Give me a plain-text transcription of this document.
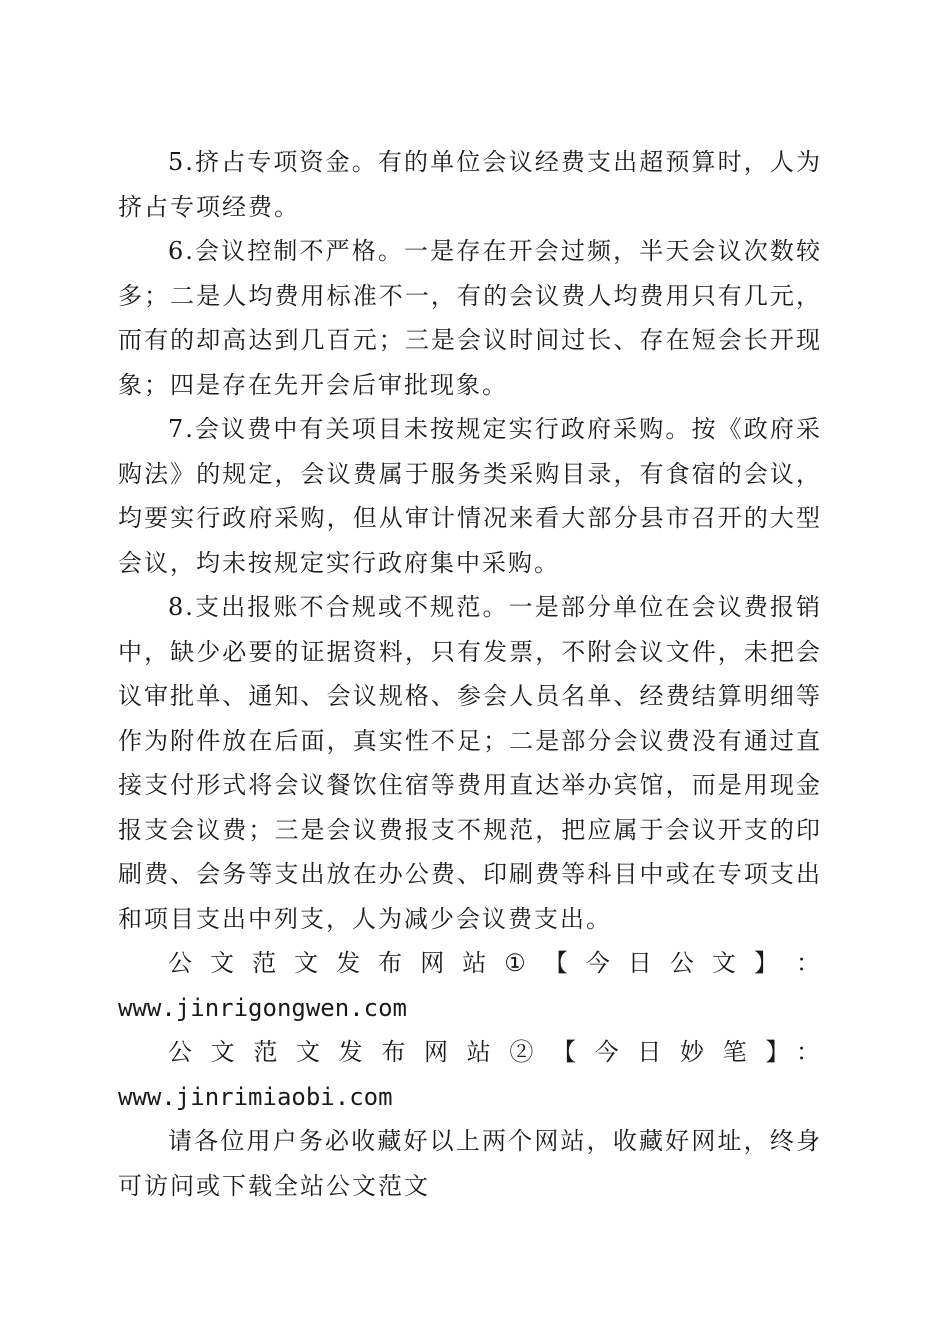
5.挤占专项资金。有的单位会议经费支出超预算时，人为挤占专项经费。

6.会议控制不严格。一是存在开会过频，半天会议次数较多；二是人均费用标准不一，有的会议费人均费用只有几元，而有的却高达到几百元；三是会议时间过长、存在短会长开现象；四是存在先开会后审批现象。

7.会议费中有关项目未按规定实行政府采购。按《政府采购法》的规定，会议费属于服务类采购目录，有食宿的会议，均要实行政府采购，但从审计情况来看大部分县市召开的大型会议，均未按规定实行政府集中采购。

8.支出报账不合规或不规范。一是部分单位在会议费报销中，缺少必要的证据资料，只有发票，不附会议文件，未把会议审批单、通知、会议规格、参会人员名单、经费结算明细等作为附件放在后面，真实性不足；二是部分会议费没有通过直接支付形式将会议餐饮住宿等费用直达举办宾馆，而是用现金报支会议费；三是会议费报支不规范，把应属于会议开支的印刷费、会务等支出放在办公费、印刷费等科目中或在专项支出和项目支出中列支，人为减少会议费支出。

公 文 范 文 发 布 网 站 ① 【 今 日 公 文 】 ：

www.jinrigongwen.com

公文范文发布网站②【今日妙笔】：www.jinrimiaobi.com

请各位用户务必收藏好以上两个网站，收藏好网址，终身可访问或下载全站公文范文
